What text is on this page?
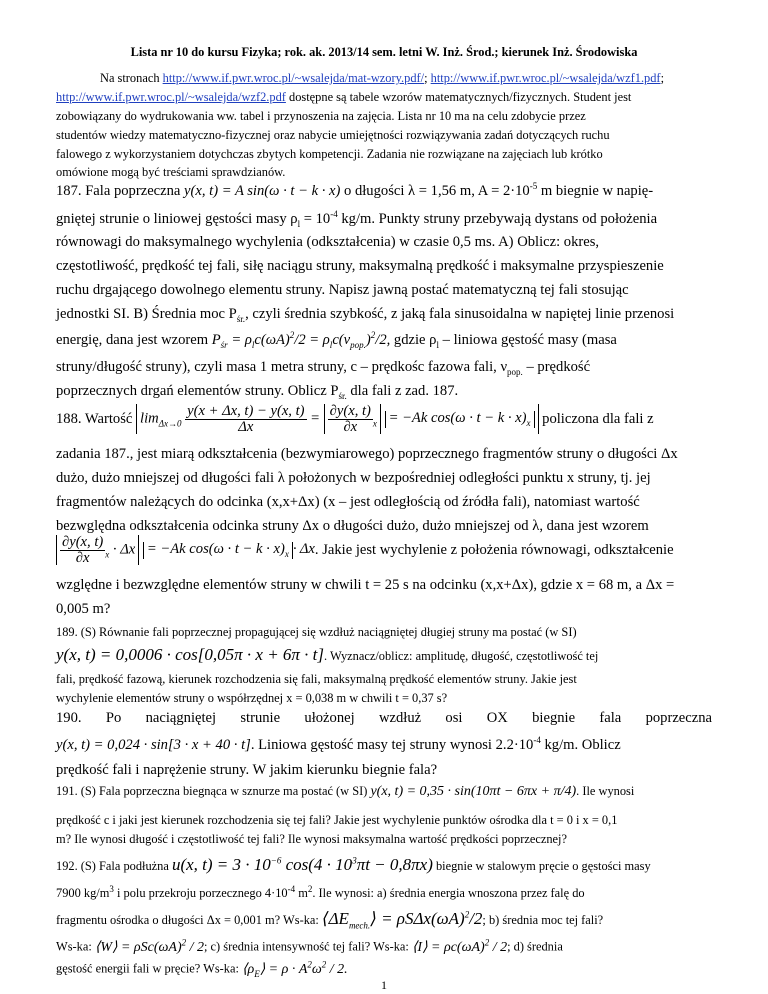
Lista nr 10 do kursu Fizyka; rok. ak. 2013/14 sem. letni W. Inż. Środ.; kierunek Inż. Środowiska
Na stronach http://www.if.pwr.wroc.pl/~wsalejda/mat-wzory.pdf/; http://www.if.pwr.wroc.pl/~wsalejda/wzf1.pdf;
http://www.if.pwr.wroc.pl/~wsalejda/wzf2.pdf dostępne są tabele wzorów matematycznych/fizycznych. Student jest
zobowiązany do wydrukowania ww. tabel i przynoszenia na zajęcia. Lista nr 10 ma na celu zdobycie przez
studentów wiedzy matematyczno-fizycznej oraz nabycie umiejętności rozwiązywania zadań dotyczących ruchu
falowego z wykorzystaniem dotychczas zbytych kompetencji. Zadania nie rozwiązane na zajęciach lub krótko
omówione mogą być treściami sprawdzianów.
187. Fala poprzeczna y(x, t) = A sin(ω · t − k · x) o długości λ = 1,56 m, $A = 2\cdot 10^{-5}$ m biegnie w napię-
gniętej strunie o liniowej gęstości masy $\rho_l = 10^{-4}$ kg/m. Punkty struny przebywają dystans od położenia
równowagi do maksymalnego wychylenia (odkształcenia) w czasie 0,5 ms. A) Oblicz: okres,
częstotliwość, prędkość tej fali, siłę naciągu struny, maksymalną prędkość i maksymalne przyspieszenie
ruchu drgającego dowolnego elementu struny. Napisz jawną postać matematyczną tej fali stosując
jednostki SI. B) Średnia moc $P_{śr.}$, czyli średnia szybkość, z jaką fala sinusoidalna w napiętej linie przenosi
energię, dana jest wzorem $P_{śr} = \rho_lc(\omega A)^2/2 = \rho_lc(v_{pop.})^2/2$, gdzie $\rho_l$ – liniowa gęstość masy (masa
struny/długość struny), czyli masa 1 metra struny, c – prędkośc fazowa fali, $\nu_{pop.}$ – prędkość
poprzecznych drgań elementów struny. Oblicz $P_{śr.}$ dla fali z zad. 187.
188. Wartość $\lim_{\Delta x\to 0} \frac{y(x + \Delta x, t) - y(x, t)}{\Delta x} = \frac{\partial y(x, t)}{\partial x} _x = -Ak$ $\cos(\omega \cdot t - k \cdot x)_x$ policzona dla fali z
zadania 187., jest miarą odkształcenia (bezwymiarowego) poprzecznego fragmentów struny o długości Δx
dużo, dużo mniejszej od długości fali λ położonych w bezpośredniej odległości punktu x struny, tj. jej
fragmentów należących do odcinka (x,x+Δx) (x – jest odległością od źródła fali), natomiast wartość
bezwględna odkształcenia odcinka struny Δx o długości dużo, dużo mniejszej od λ, dana jest wzorem
$\frac{\partial y(x, t)}{\partial x} _x \cdot \Delta x = -Ak$ $\cos(\omega \cdot t - k \cdot x)_x \cdot \Delta x$. Jakie jest wychylenie z położenia równowagi, odkształcenie
względne i bezwzględne elementów struny w chwili t = 25 s na odcinku (x,x+Δx), gdzie x = 68 m, a Δx =
0,005 m?
189. (S) Równanie fali poprzecznej propagującej się wzdłuż naciągniętej długiej struny ma postać (w SI)
y(x, t) = 0,0006 · cos[0,05π · x + 6π · t]. Wyznacz/oblicz: amplitudę, długość, częstotliwość tej
fali, prędkość fazową, kierunek rozchodzenia się fali, maksymalną prędkość elementów struny. Jakie jest
wychylenie elementów struny o współrzędnej x = 0,038 m w chwili t = 0,37 s?
190. Po naciągniętej strunie ułożonej wzdłuż osi OX biegnie fala poprzeczna
y(x, t) = 0,024 · sin[3 · x + 40 · t]. Liniowa gęstość masy tej struny wynosi $2.2\cdot 10^{-4}$ kg/m. Oblicz
prędkość fali i naprężenie struny. W jakim kierunku biegnie fala?
191. (S) Fala poprzeczna biegnąca w sznurze ma postać (w SI) y(x, t) = 0,35 · sin(10πt − 6πx + π/4). Ile wynosi
prędkość c i jaki jest kierunek rozchodzenia się tej fali? Jakie jest wychylenie punktów ośrodka dla t = 0 i x = 0,1
m? Ile wynosi długość i częstotliwość tej fali? Ile wynosi maksymalna wartość prędkości poprzecznej?
192. (S) Fala podłużna u(x, $t) = 3 \cdot 10^{-6}$ $\cos(4 \cdot 10^3\pi t - 0,8\pi x)$ biegnie w stalowym pręcie o gęstości masy
7900 $kg/m^3$ i polu przekroju porzecznego $4\cdot 10^{-4}$ $m^2$. Ile wynosi: a) średnia energia wnoszona przez falę do
fragmentu ośrodka o długości Δx = 0,001 m? Ws-ka: $⟨\Delta E_{mech.}⟩ = \rho S\Delta x(\omega A)^2/2$; b) średnia moc tej fali?
Ws-ka: ⟨W⟩ = $\rho Sc(\omega A)^2 / 2$; c) średnia intensywność tej fali? Ws-ka: ⟨I⟩ = $\rho c(\omega A)^2 / 2$; d) średnia
gęstość energii fali w pręcie? Ws-ka: $⟨\rho_E⟩ = \rho \cdot A^2\omega^2 / 2$.
1
